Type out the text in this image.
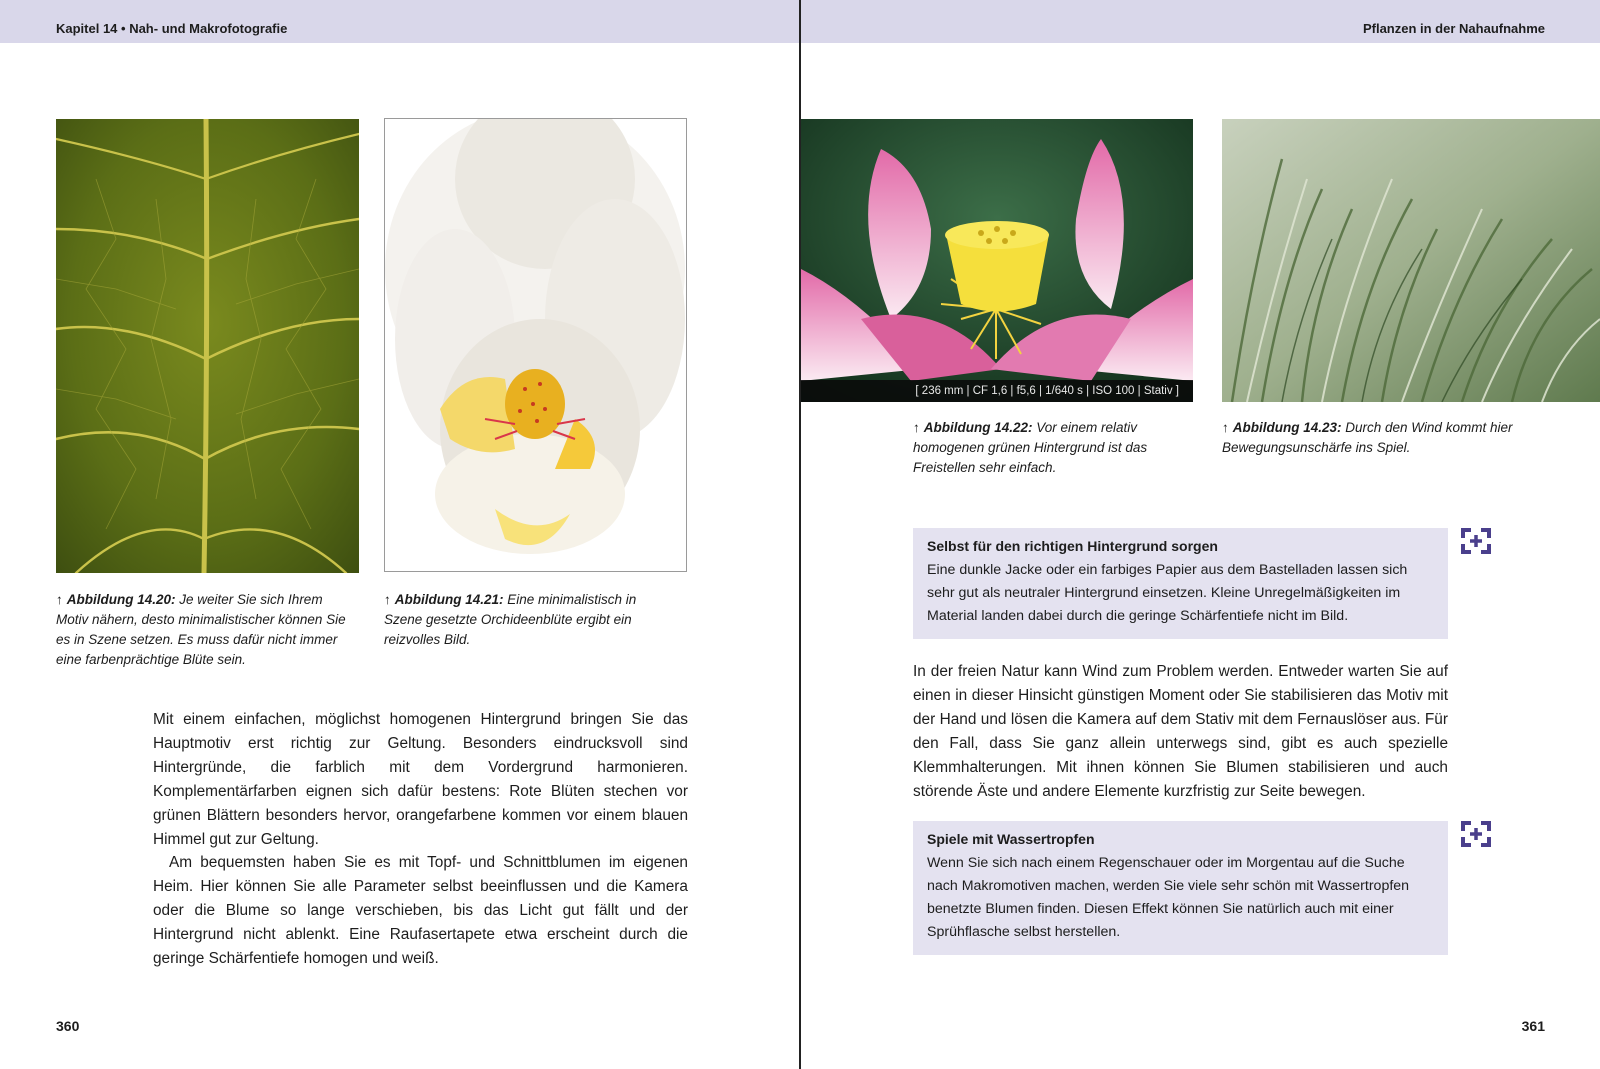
Kapitel 14 • Nah- und Makrofotografie
↑ Abbildung 14.20: Je weiter Sie sich Ihrem Motiv nähern, desto minimalistischer können Sie es in Szene setzen. Es muss dafür nicht immer eine farbenprächtige Blüte sein.
↑ Abbildung 14.21: Eine minimalistisch in Szene gesetzte Orchideenblüte ergibt ein reizvolles Bild.

Mit einem einfachen, möglichst homogenen Hintergrund bringen Sie das Hauptmotiv erst richtig zur Geltung. Besonders eindrucksvoll sind Hintergründe, die farblich mit dem Vordergrund harmonieren. Komplementärfarben eignen sich dafür bestens: Rote Blüten stechen vor grünen Blättern besonders hervor, orangefarbene kommen vor einem blauen Himmel gut zur Geltung.

Am bequemsten haben Sie es mit Topf- und Schnittblumen im eigenen Heim. Hier können Sie alle Parameter selbst beeinflussen und die Kamera oder die Blume so lange verschieben, bis das Licht gut fällt und der Hintergrund nicht ablenkt. Eine Raufasertapete etwa erscheint durch die geringe Schärfentiefe homogen und weiß.

360
Pflanzen in der Nahaufnahme
[ 236 mm | CF 1,6 | f5,6 | 1/640 s | ISO 100 | Stativ ]
↑ Abbildung 14.22: Vor einem relativ homogenen grünen Hintergrund ist das Freistellen sehr einfach.
↑ Abbildung 14.23: Durch den Wind kommt hier Bewegungsunschärfe ins Spiel.
Selbst für den richtigen Hintergrund sorgen
Eine dunkle Jacke oder ein farbiges Papier aus dem Bastelladen lassen sich sehr gut als neutraler Hintergrund einsetzen. Kleine Unregelmäßigkeiten im Material landen dabei durch die geringe Schärfentiefe nicht im Bild.

In der freien Natur kann Wind zum Problem werden. Entweder warten Sie auf einen in dieser Hinsicht günstigen Moment oder Sie stabilisieren das Motiv mit der Hand und lösen die Kamera auf dem Stativ mit dem Fernauslöser aus. Für den Fall, dass Sie ganz allein unterwegs sind, gibt es auch spezielle Klemmhalterungen. Mit ihnen können Sie Blumen stabilisieren und auch störende Äste und andere Elemente kurzfristig zur Seite bewegen.

Spiele mit Wassertropfen
Wenn Sie sich nach einem Regenschauer oder im Morgentau auf die Suche nach Makromotiven machen, werden Sie viele sehr schön mit Wassertropfen benetzte Blumen finden. Diesen Effekt können Sie natürlich auch mit einer Sprühflasche selbst herstellen.
361
